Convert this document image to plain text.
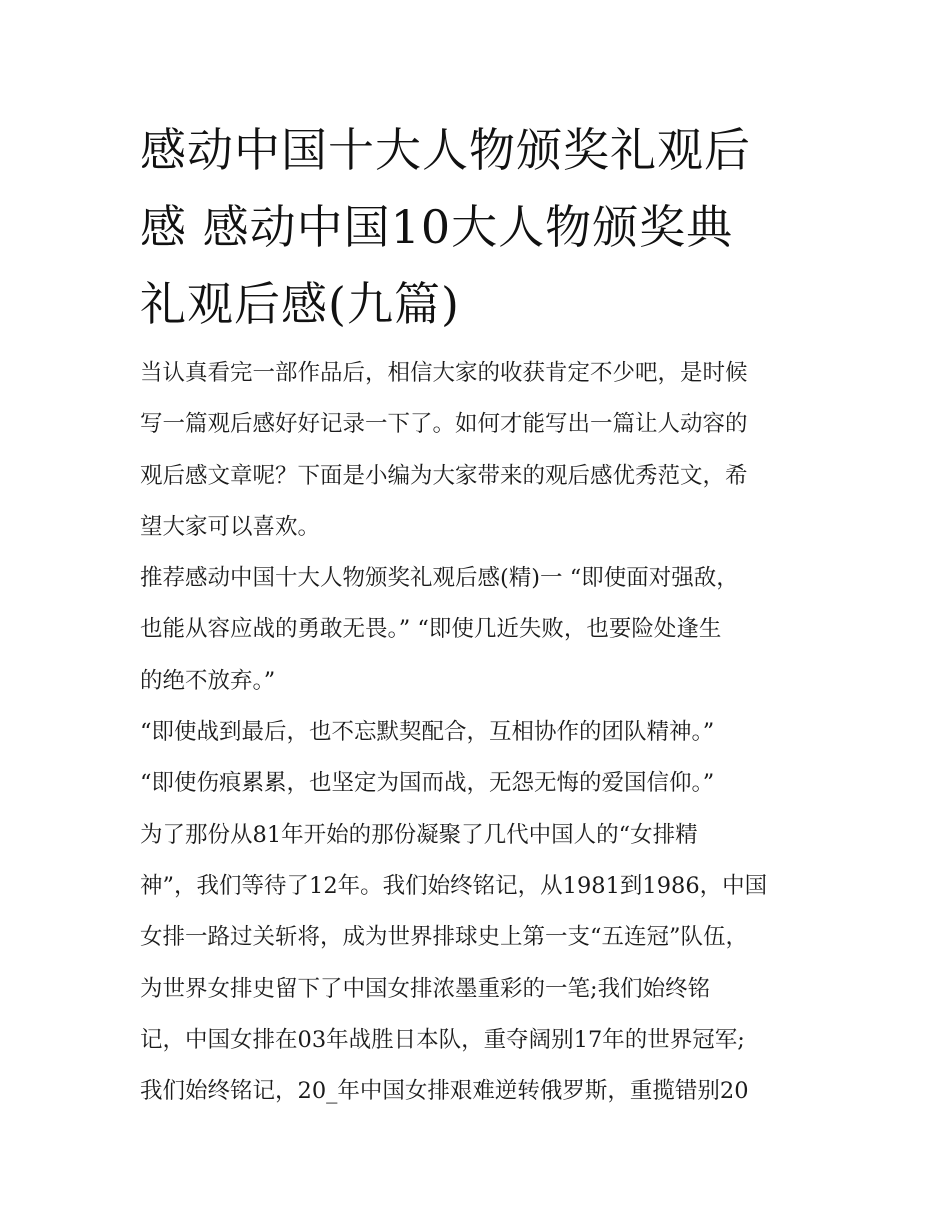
感动中国十大人物颁奖礼观后
感 感动中国10大人物颁奖典
礼观后感(九篇)
当认真看完一部作品后，相信大家的收获肯定不少吧，是时候
写一篇观后感好好记录一下了。如何才能写出一篇让人动容的
观后感文章呢？下面是小编为大家带来的观后感优秀范文，希
望大家可以喜欢。
推荐感动中国十大人物颁奖礼观后感(精)一 “即使面对强敌，
也能从容应战的勇敢无畏。” “即使几近失败，也要险处逢生
的绝不放弃。”
“即使战到最后，也不忘默契配合，互相协作的团队精神。”
“即使伤痕累累，也坚定为国而战，无怨无悔的爱国信仰。”
为了那份从81年开始的那份凝聚了几代中国人的“女排精
神”，我们等待了12年。我们始终铭记，从1981到1986，中国
女排一路过关斩将，成为世界排球史上第一支“五连冠”队伍，
为世界女排史留下了中国女排浓墨重彩的一笔;我们始终铭
记，中国女排在03年战胜日本队，重夺阔别17年的世界冠军;
我们始终铭记，20_年中国女排艰难逆转俄罗斯，重揽错别20
